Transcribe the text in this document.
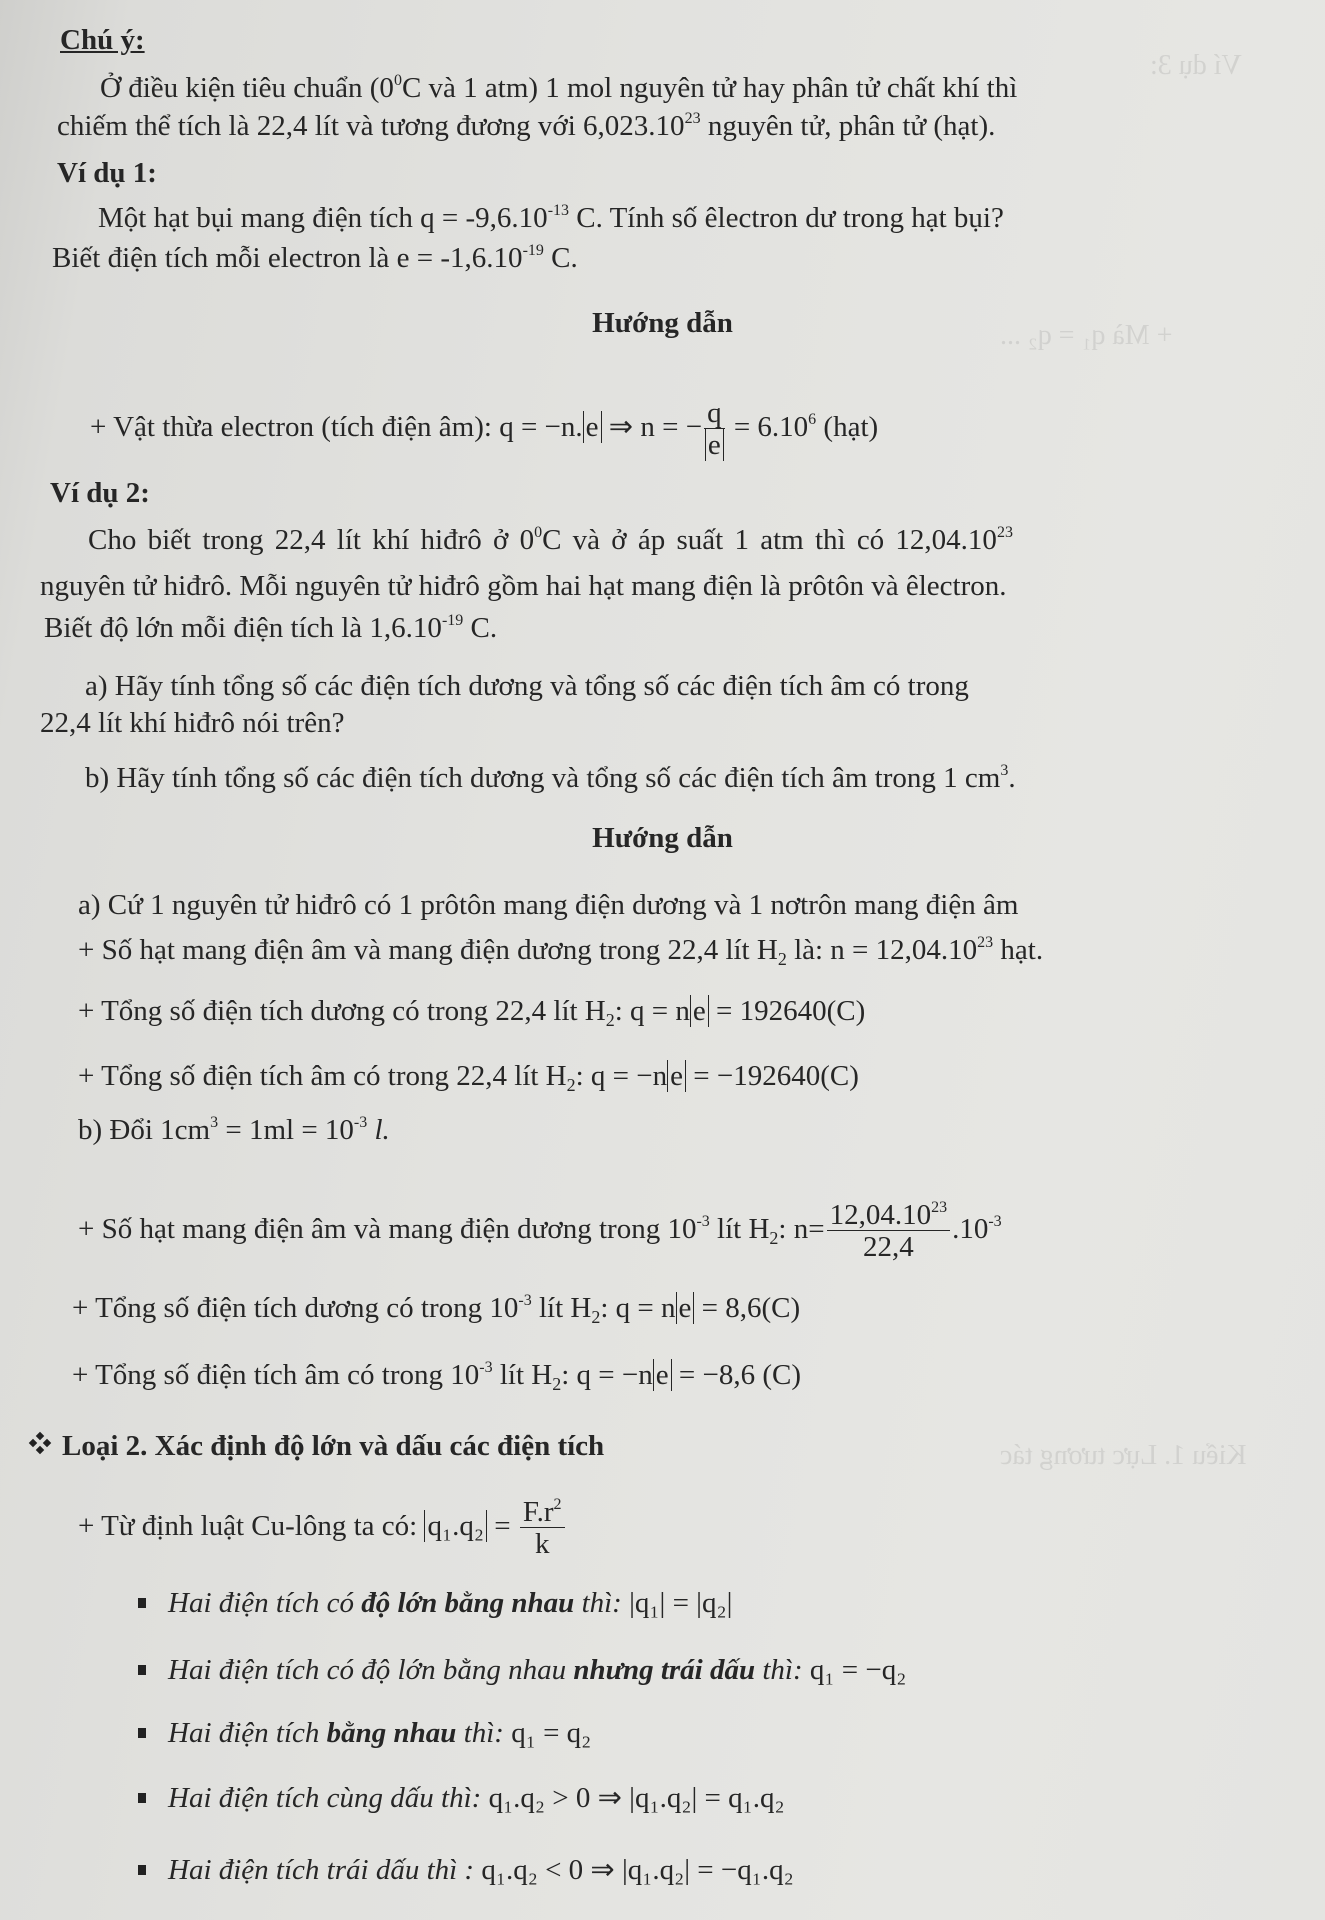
Ví dụ 3:
+ Mà q₁ = q₂ ...
Kiểu 1. Lực tương tác
Chú ý:
Ở điều kiện tiêu chuẩn ($0^0C$ và 1 atm) 1 mol nguyên tử hay phân tử chất khí thì
chiếm thể tích là 22,4 lít và tương đương với 6,023.10$^{23}$ nguyên tử, phân tử (hạt).
Ví dụ 1:
Một hạt bụi mang điện tích $q = -9,6.10^{-13}$ C. Tính số êlectron dư trong hạt bụi?
Biết điện tích mỗi electron là $e = -1,6.10^{-19}$ C.
Hướng dẫn
+ Vật thừa electron (tích điện âm): q = −n. e ⇒ n = − $\frac{q}{e} = 6.10^6$ (hạt)
Ví dụ 2:
Cho biết trong 22,4 lít khí hiđrô ở $0^0C$ và ở áp suất 1 atm thì có 12,04.10$^{23}$
nguyên tử hiđrô. Mỗi nguyên tử hiđrô gồm hai hạt mang điện là prôtôn và êlectron.
Biết độ lớn mỗi điện tích là $1,6.10^{-19}$ C.
a) Hãy tính tổng số các điện tích dương và tổng số các điện tích âm có trong
22,4 lít khí hiđrô nói trên?
b) Hãy tính tổng số các điện tích dương và tổng số các điện tích âm trong 1 $cm^3$.
Hướng dẫn
a) Cứ 1 nguyên tử hiđrô có 1 prôtôn mang điện dương và 1 nơtrôn mang điện âm
+ Số hạt mang điện âm và mang điện dương trong 22,4 lít $H_2$ là: $n = 12,04.10^{23}$ hạt.
+ Tổng số điện tích dương có trong 22,4 lít $H_2$: q = n e = 192640(C)
+ Tổng số điện tích âm có trong 22,4 lít $H_2$: q = −n e = −192640(C)
b) Đổi $1cm^3 = 1ml = 10^{-3}$ l.
+ Số hạt mang điện âm và mang điện dương trong $10^{-3}$ lít $H_2$: $n= \frac{12,04.10^{23}}{22,4} .10^{-3}$
+ Tổng số điện tích dương có trong $10^{-3}$ lít $H_2$: q = n e = 8,6(C)
+ Tổng số điện tích âm có trong $10^{-3}$ lít $H_2$: q = −n e = −8,6 (C)
Loại 2. Xác định độ lớn và dấu các điện tích
+ Từ định luật Cu-lông ta có: $q_1.q_2 = \frac{F.r^2}{k}$
Hai điện tích có độ lớn bằng nhau thì: |q₁| = |q₂|
Hai điện tích có độ lớn bằng nhau nhưng trái dấu thì: q₁ = −q₂
Hai điện tích bằng nhau thì: q₁ = q₂
Hai điện tích cùng dấu thì: q₁.q₂ > 0 ⇒ |q₁.q₂| = q₁.q₂
Hai điện tích trái dấu thì : q₁.q₂ < 0 ⇒ |q₁.q₂| = −q₁.q₂
